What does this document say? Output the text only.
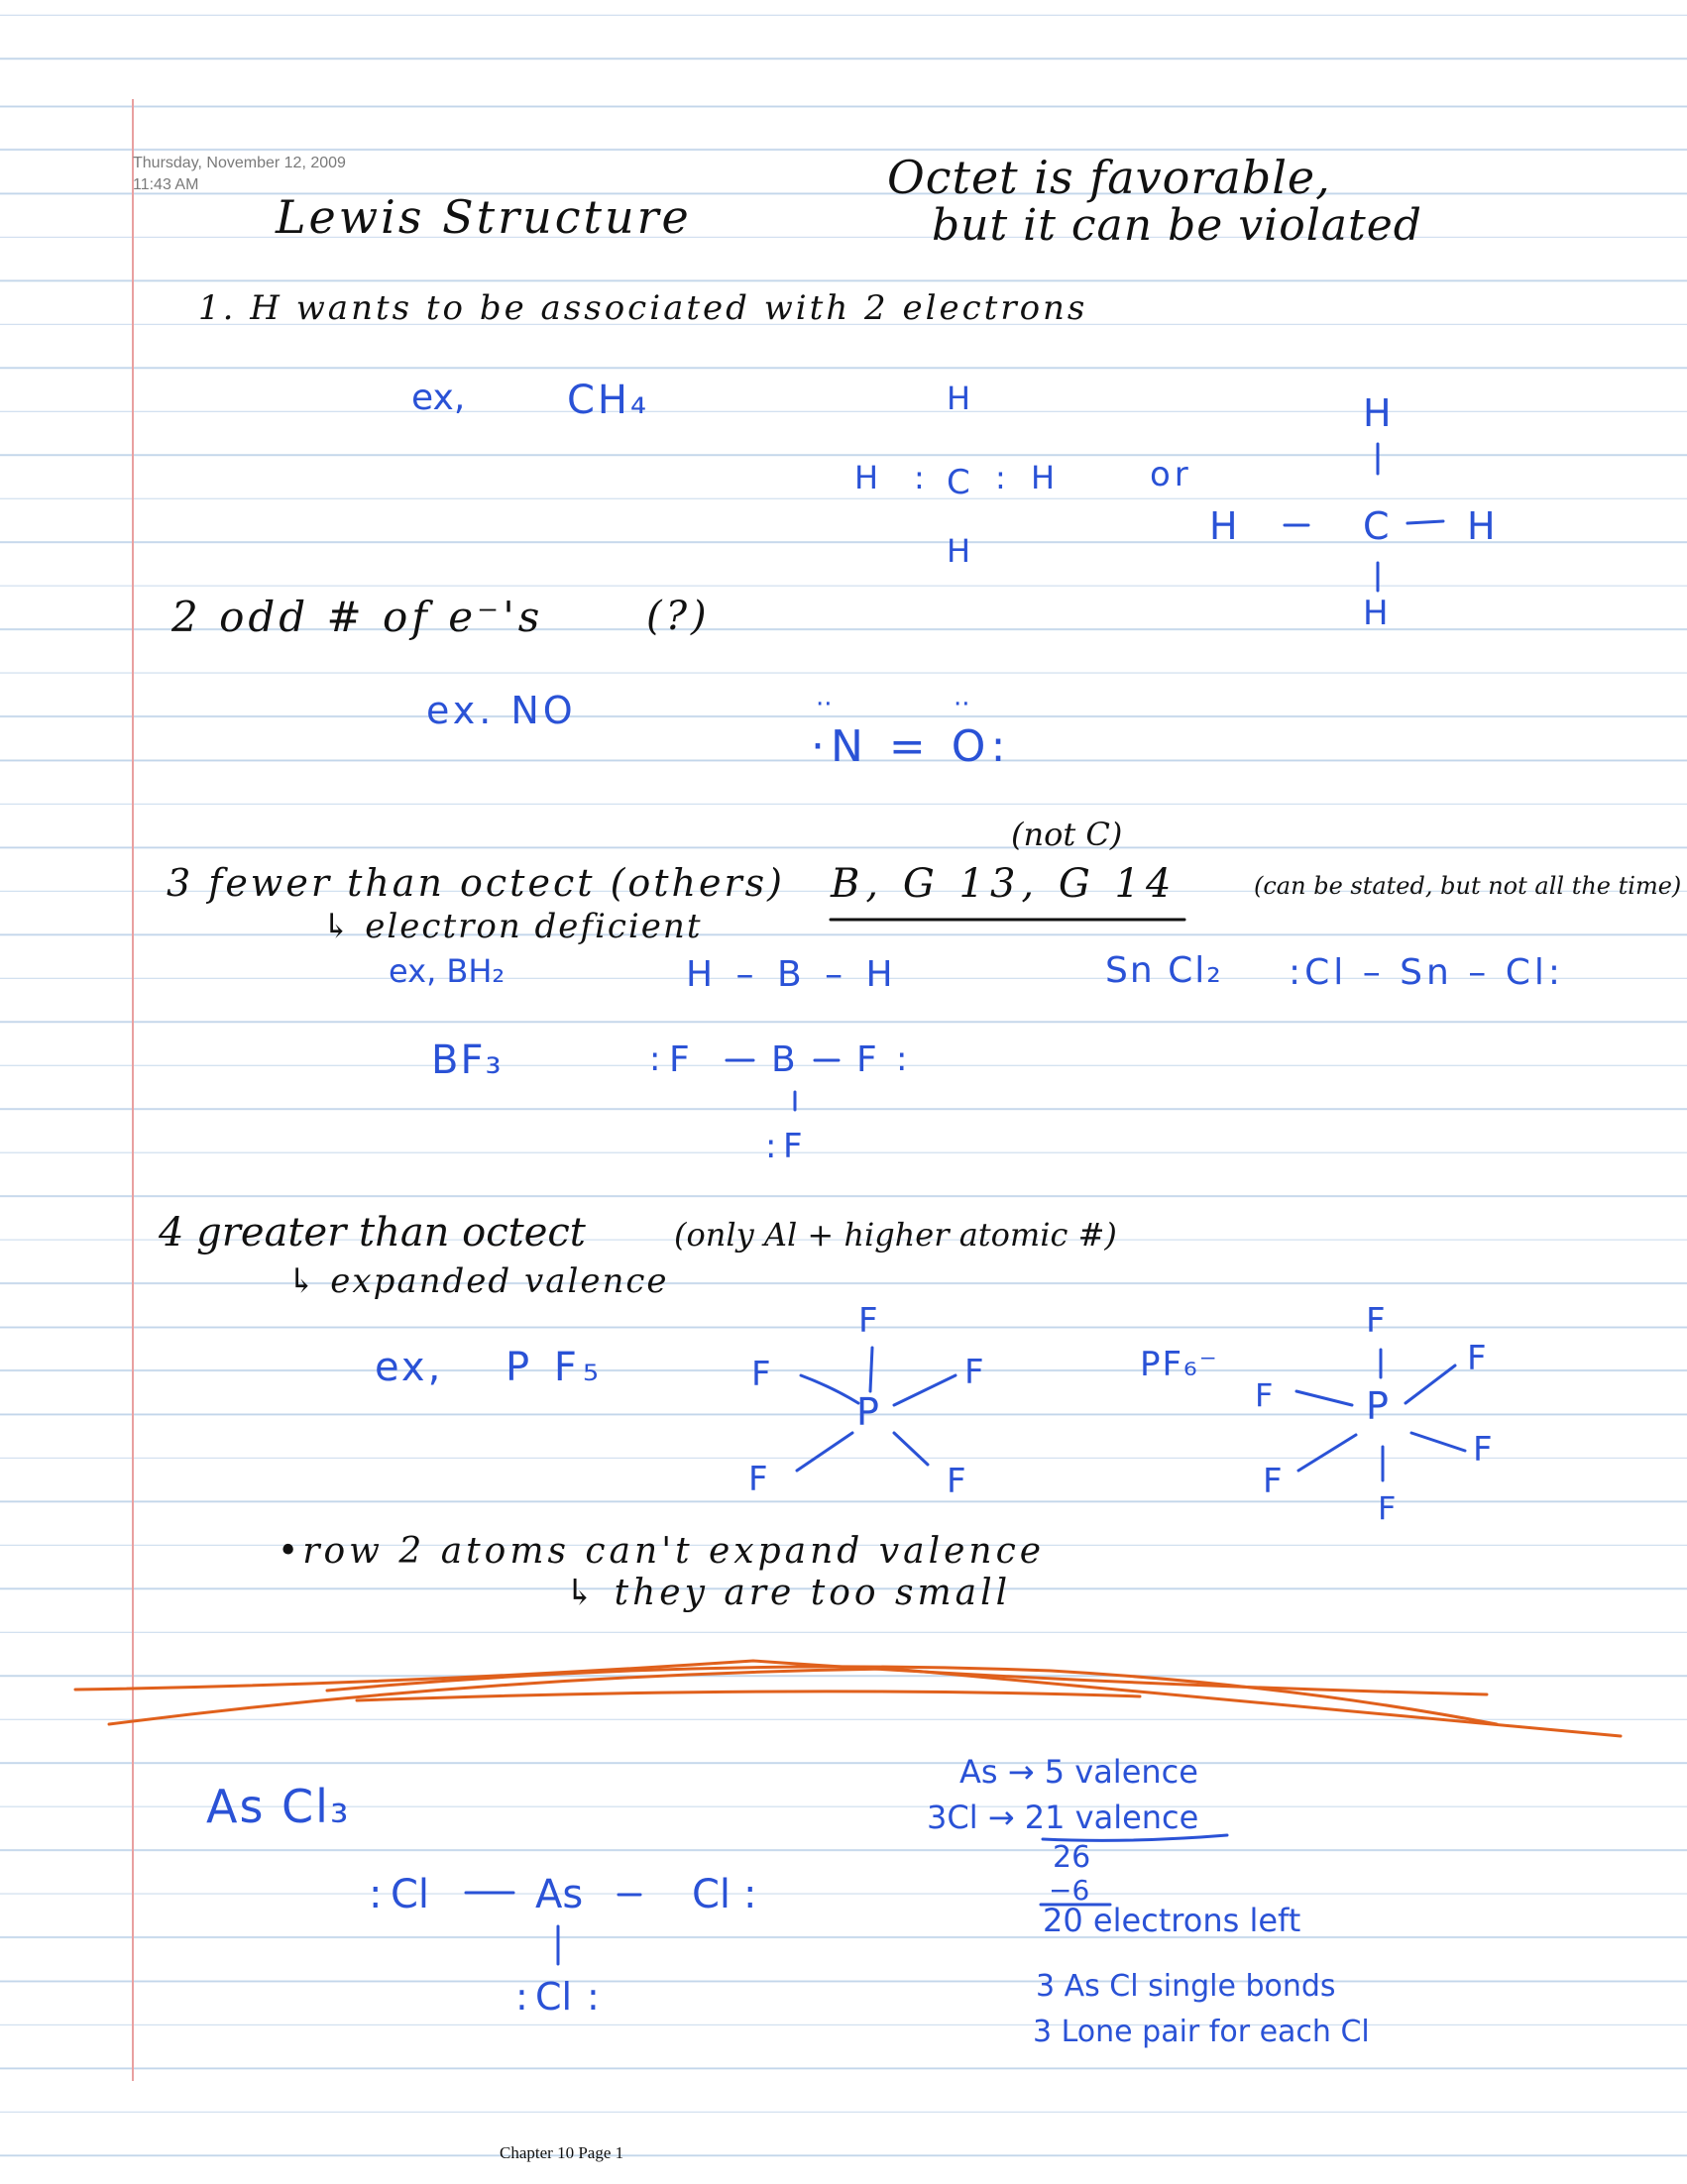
Thursday, November 12, 2009
11:43 AM
Lewis Structure
Octet is favorable,
but it can be violated
1. H wants to be associated with 2 electrons
ex,	CH₄	H
H : C : H
H
or
H
H	C H
H
2 odd # of e⁻'s	(?)
ex. NO
·N = O:
··	··
(not C)
3 fewer than octect (others) B, G 13, G 14	(can be stated, but not all the time)
↳ electron deficient
ex, BH₂	H – B – H	Sn Cl₂ :Cl – Sn – Cl:
BF₃	: F B F :
: F
4 greater than octect	(only Al + higher atomic #)
↳ expanded valence
ex, P F₅
F
F	F
P
F	F
PF₆⁻
F
F
F
P
F
F
F
•row 2 atoms can't expand valence
↳ they are too small
As Cl₃
: Cl	As	Cl :
: Cl :
As → 5 valence
3Cl → 21 valence
26
−6
20 electrons left
3 As Cl single bonds
3 Lone pair for each Cl
Chapter 10 Page 1
